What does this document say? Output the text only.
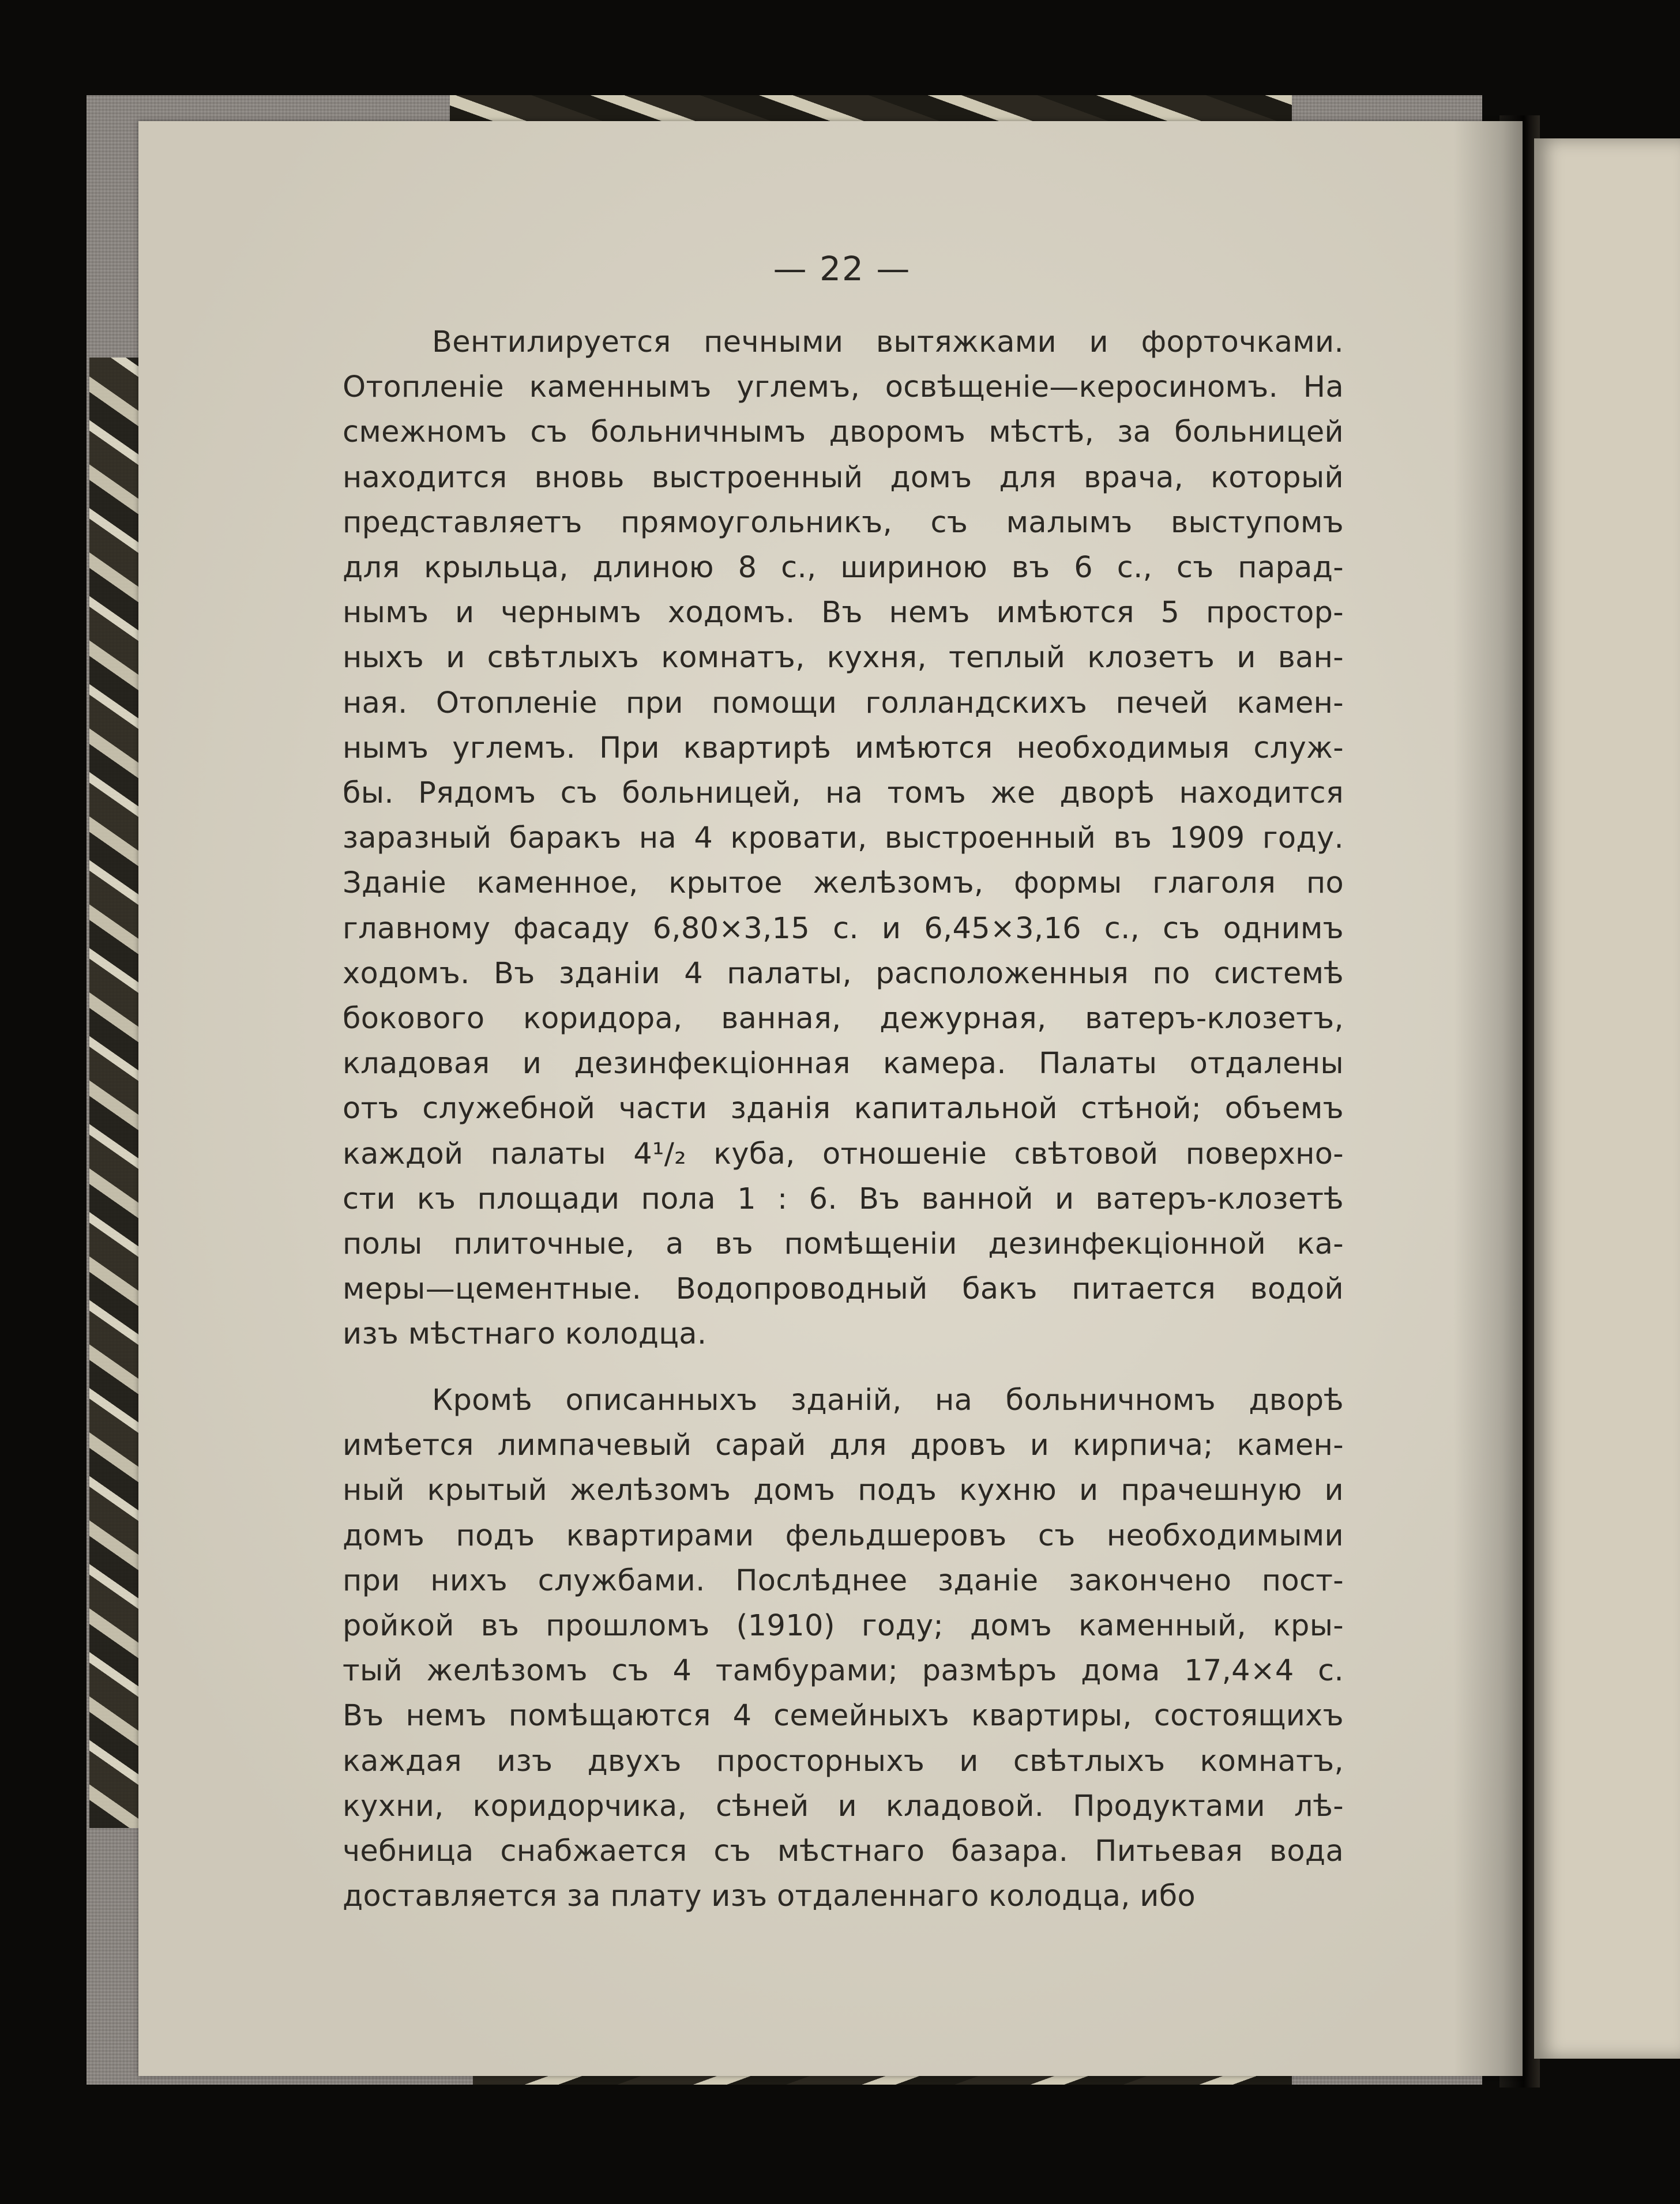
— 22 —
Вентилируется печными вытяжками и форточками.
Отопленіе каменнымъ углемъ, освѣщеніе—керосиномъ. На
смежномъ съ больничнымъ дворомъ мѣстѣ, за больницей
находится вновь выстроенный домъ для врача, который
представляетъ прямоугольникъ, съ малымъ выступомъ
для крыльца, длиною 8 с., шириною въ 6 с., съ парад-
нымъ и чернымъ ходомъ. Въ немъ имѣются 5 простор-
ныхъ и свѣтлыхъ комнатъ, кухня, теплый клозетъ и ван-
ная. Отопленіе при помощи голландскихъ печей камен-
нымъ углемъ. При квартирѣ имѣются необходимыя служ-
бы. Рядомъ съ больницей, на томъ же дворѣ находится
заразный баракъ на 4 кровати, выстроенный въ 1909 году.
Зданіе каменное, крытое желѣзомъ, формы глаголя по
главному фасаду 6,80×3,15 с. и 6,45×3,16 с., съ однимъ
ходомъ. Въ зданіи 4 палаты, расположенныя по системѣ
бокового коридора, ванная, дежурная, ватеръ-клозетъ,
кладовая и дезинфекціонная камера. Палаты отдалены
отъ служебной части зданія капитальной стѣной; объемъ
каждой палаты 4¹/₂ куба, отношеніе свѣтовой поверхно-
сти къ площади пола 1 : 6. Въ ванной и ватеръ-клозетѣ
полы плиточные, а въ помѣщеніи дезинфекціонной ка-
меры—цементные. Водопроводный бакъ питается водой
изъ мѣстнаго колодца.
Кромѣ описанныхъ зданій, на больничномъ дворѣ
имѣется лимпачевый сарай для дровъ и кирпича; камен-
ный крытый желѣзомъ домъ подъ кухню и прачешную и
домъ подъ квартирами фельдшеровъ съ необходимыми
при нихъ службами. Послѣднее зданіе закончено пост-
ройкой въ прошломъ (1910) году; домъ каменный, кры-
тый желѣзомъ съ 4 тамбурами; размѣръ дома 17,4×4 с.
Въ немъ помѣщаются 4 семейныхъ квартиры, состоящихъ
каждая изъ двухъ просторныхъ и свѣтлыхъ комнатъ,
кухни, коридорчика, сѣней и кладовой. Продуктами лѣ-
чебница снабжается съ мѣстнаго базара. Питьевая вода
доставляется за плату изъ отдаленнаго колодца, ибо
